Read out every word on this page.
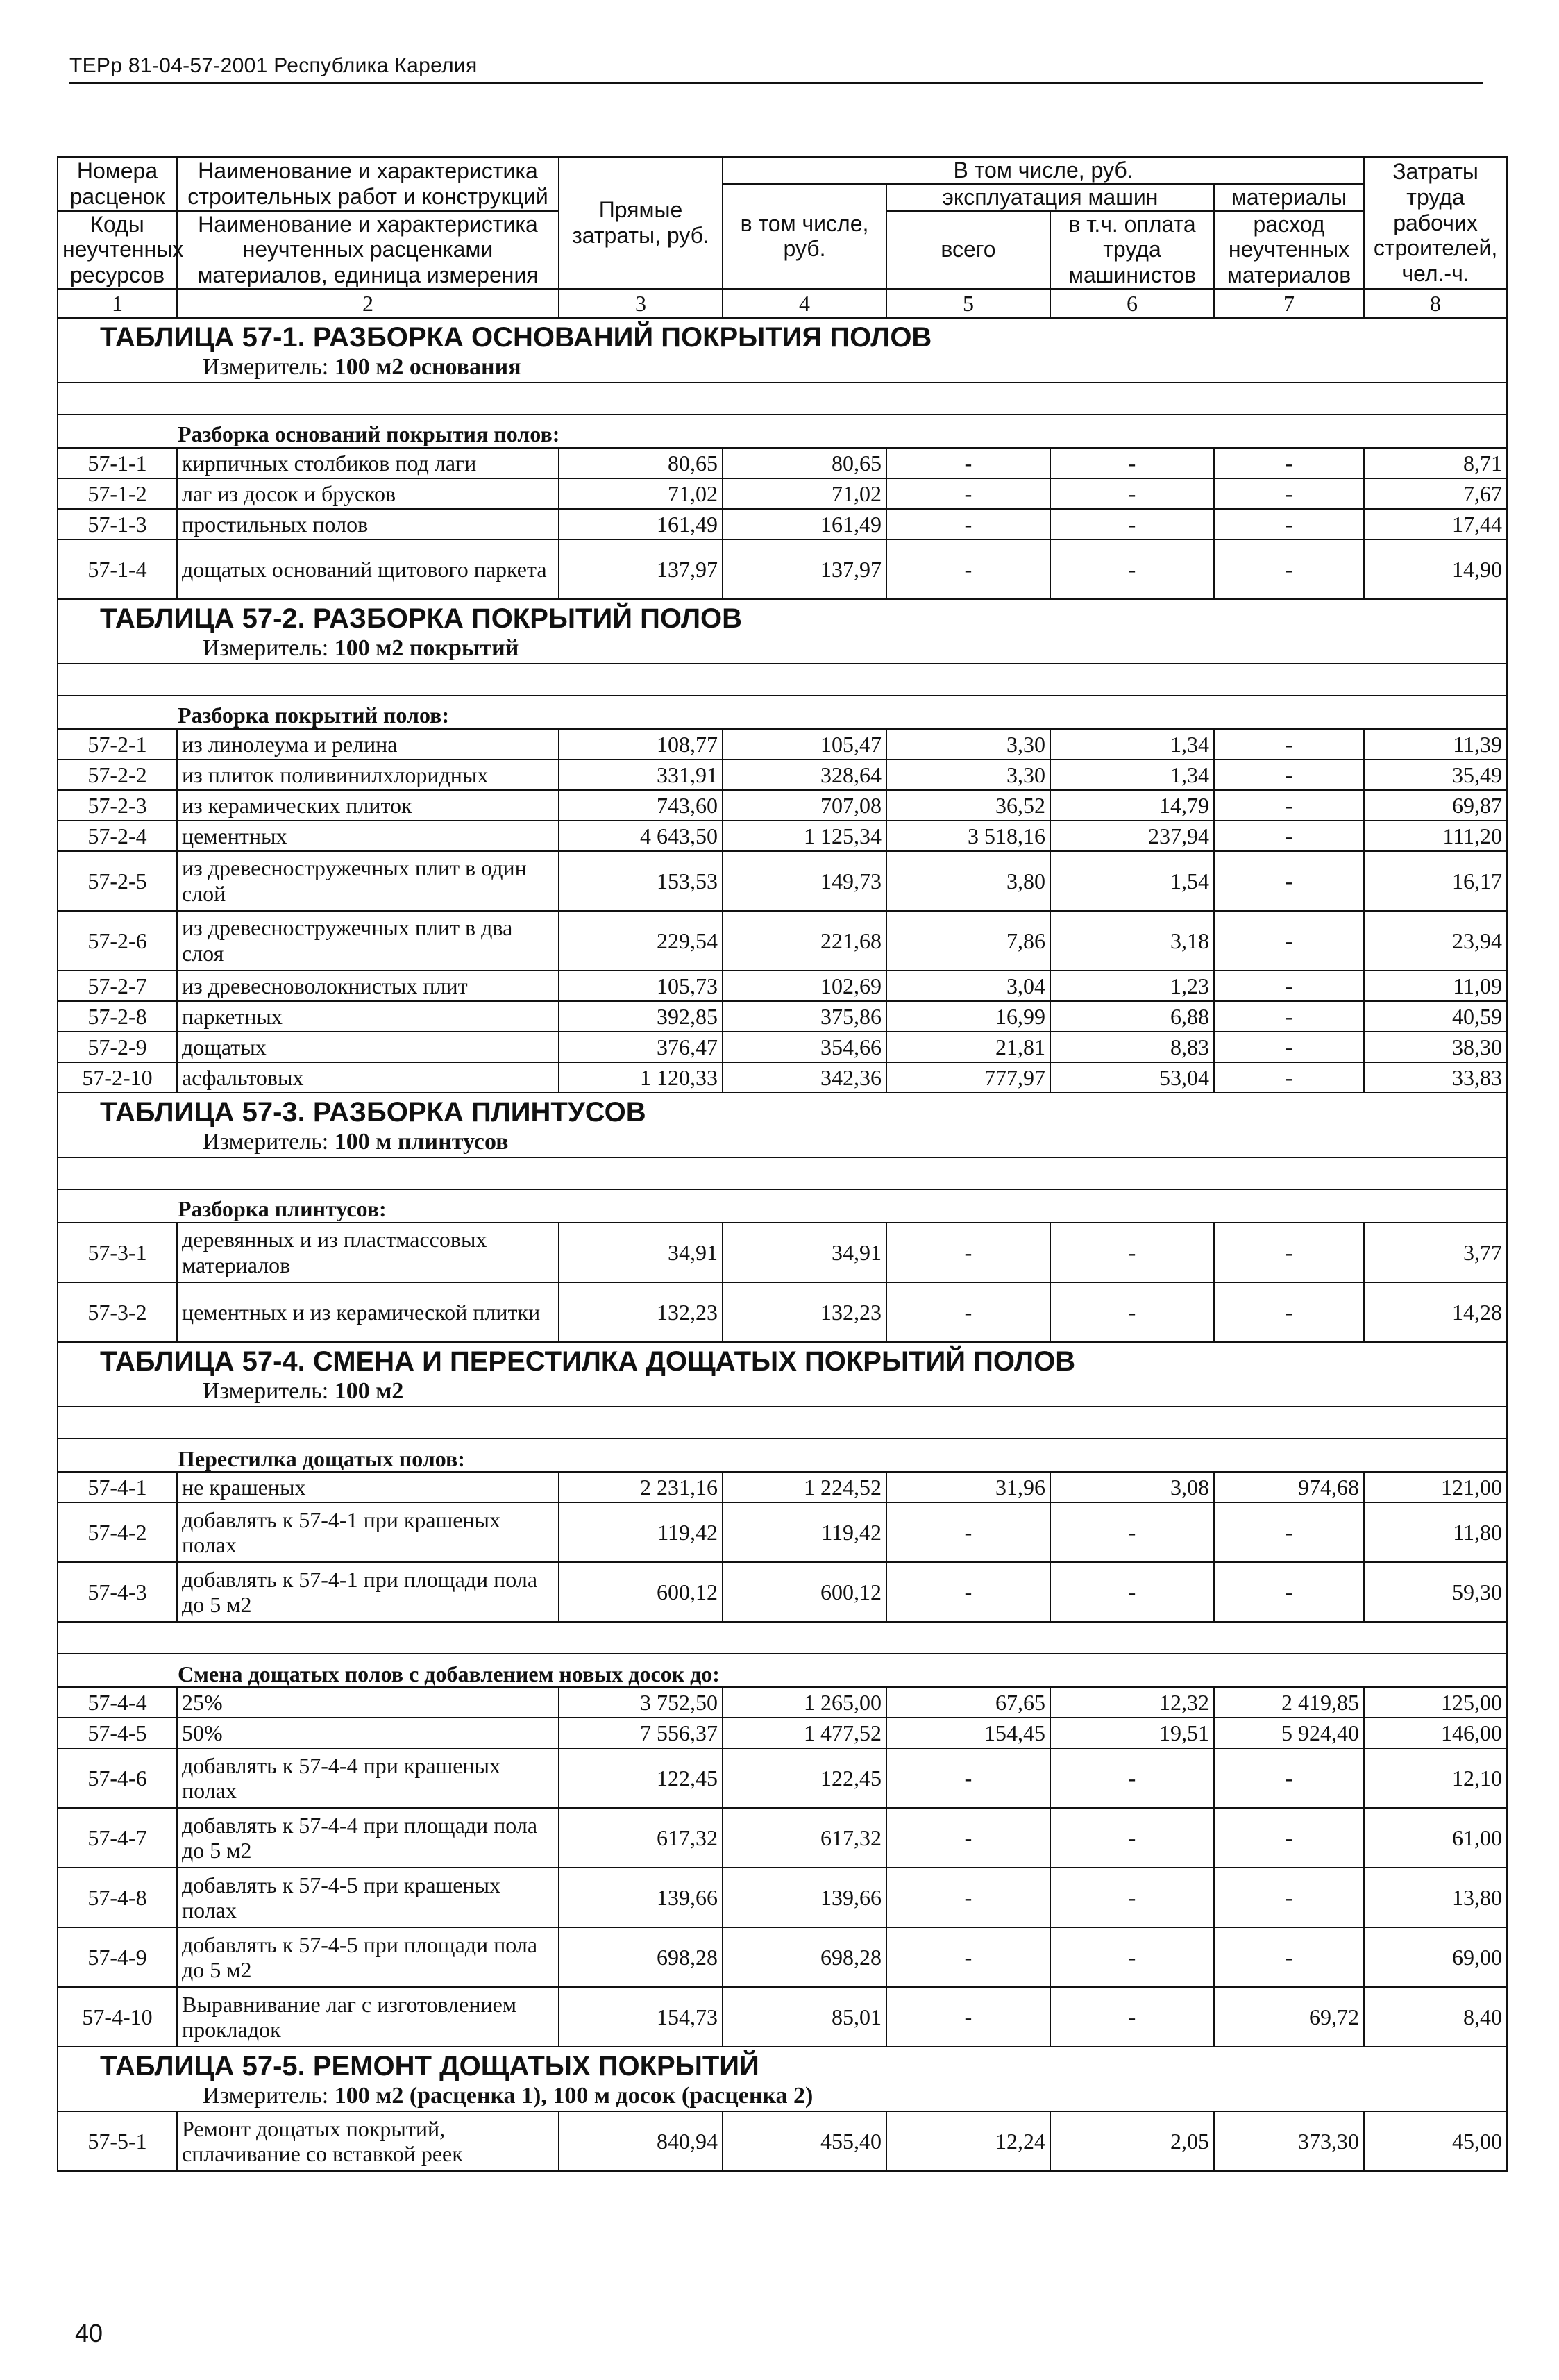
ТЕРр 81-04-57-2001 Республика Карелия
Номера расценок	Наименование и характеристика строительных работ и конструкций	Прямые затраты, руб.	В том числе, руб.				Затраты труда рабочих строителей, чел.-ч.
			в том числе, руб.	эксплуатация машин		материалы	
Коды неучтенных ресурсов	Наименование и характеристика неучтенных расценками материалов, единица измерения			всего	в т.ч. оплата труда машинистов	расход неучтенных материалов	

1	2	3	4	5	6	7	8

ТАБЛИЦА 57-1. РАЗБОРКА ОСНОВАНИЙ ПОКРЫТИЯ ПОЛОВ
Измеритель: 100 м2 основания							

Разборка оснований покрытия полов:							
57-1-1	кирпичных столбиков под лаги	80,65	80,65	-	-	-	8,71
57-1-2	лаг из досок и брусков	71,02	71,02	-	-	-	7,67
57-1-3	простильных полов	161,49	161,49	-	-	-	17,44
57-1-4	дощатых оснований щитового паркета	137,97	137,97	-	-	-	14,90

ТАБЛИЦА 57-2. РАЗБОРКА ПОКРЫТИЙ ПОЛОВ
Измеритель: 100 м2 покрытий							

Разборка покрытий полов:							
57-2-1	из линолеума и релина	108,77	105,47	3,30	1,34	-	11,39
57-2-2	из плиток поливинилхлоридных	331,91	328,64	3,30	1,34	-	35,49
57-2-3	из керамических плиток	743,60	707,08	36,52	14,79	-	69,87
57-2-4	цементных	4 643,50	1 125,34	3 518,16	237,94	-	111,20
57-2-5	из древесностружечных плит в один слой	153,53	149,73	3,80	1,54	-	16,17
57-2-6	из древесностружечных плит в два слоя	229,54	221,68	7,86	3,18	-	23,94
57-2-7	из древесноволокнистых плит	105,73	102,69	3,04	1,23	-	11,09
57-2-8	паркетных	392,85	375,86	16,99	6,88	-	40,59
57-2-9	дощатых	376,47	354,66	21,81	8,83	-	38,30
57-2-10	асфальтовых	1 120,33	342,36	777,97	53,04	-	33,83

ТАБЛИЦА 57-3. РАЗБОРКА ПЛИНТУСОВ
Измеритель: 100 м плинтусов							

Разборка плинтусов:							
57-3-1	деревянных и из пластмассовых материалов	34,91	34,91	-	-	-	3,77
57-3-2	цементных и из керамической плитки	132,23	132,23	-	-	-	14,28

ТАБЛИЦА 57-4. СМЕНА И ПЕРЕСТИЛКА ДОЩАТЫХ ПОКРЫТИЙ ПОЛОВ
Измеритель: 100 м2							

Перестилка дощатых полов:							
57-4-1	не крашеных	2 231,16	1 224,52	31,96	3,08	974,68	121,00
57-4-2	добавлять к 57-4-1 при крашеных полах	119,42	119,42	-	-	-	11,80
57-4-3	добавлять к 57-4-1 при площади пола до 5 м2	600,12	600,12	-	-	-	59,30

Смена дощатых полов с добавлением новых досок до:							
57-4-4	25%	3 752,50	1 265,00	67,65	12,32	2 419,85	125,00
57-4-5	50%	7 556,37	1 477,52	154,45	19,51	5 924,40	146,00
57-4-6	добавлять к 57-4-4 при крашеных полах	122,45	122,45	-	-	-	12,10
57-4-7	добавлять к 57-4-4 при площади пола до 5 м2	617,32	617,32	-	-	-	61,00
57-4-8	добавлять к 57-4-5 при крашеных полах	139,66	139,66	-	-	-	13,80
57-4-9	добавлять к 57-4-5 при площади пола до 5 м2	698,28	698,28	-	-	-	69,00
57-4-10	Выравнивание лаг с изготовлением прокладок	154,73	85,01	-	-	69,72	8,40

ТАБЛИЦА 57-5. РЕМОНТ ДОЩАТЫХ ПОКРЫТИЙ
Измеритель: 100 м2 (расценка 1), 100 м досок (расценка 2)							

57-5-1	Ремонт дощатых покрытий, сплачивание со вставкой реек	840,94	455,40	12,24	2,05	373,30	45,00
40
